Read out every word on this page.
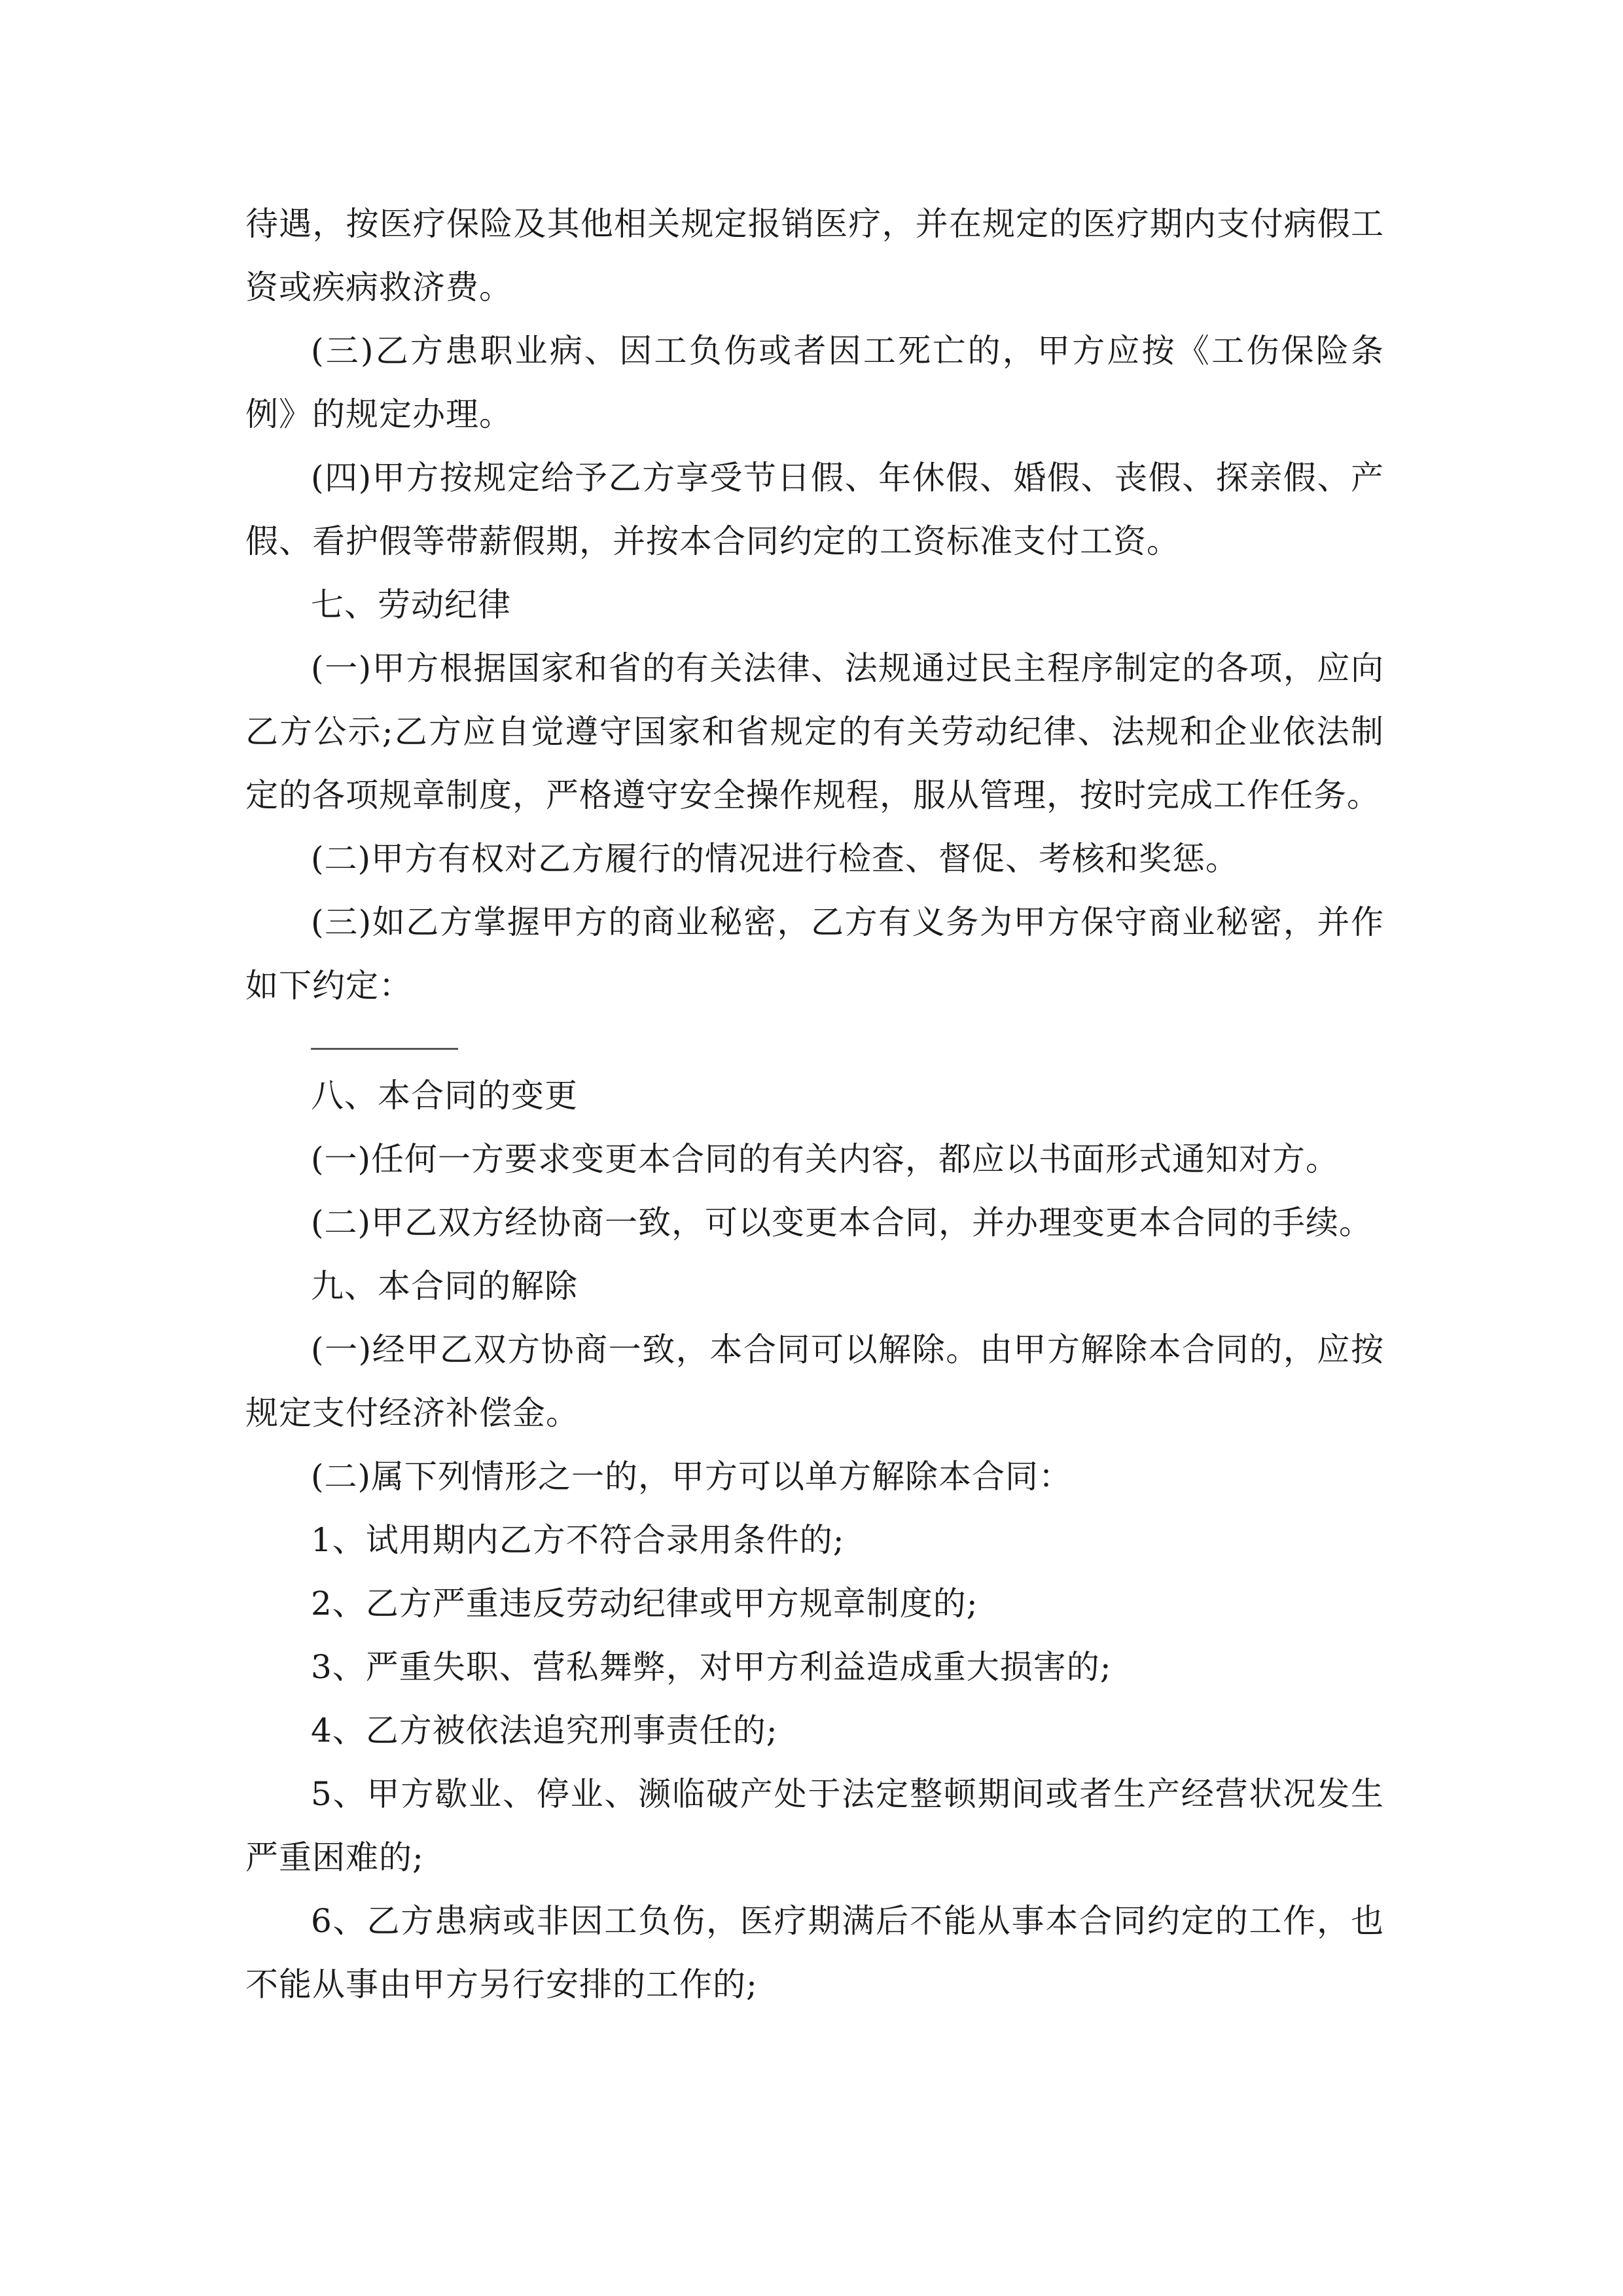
待遇，按医疗保险及其他相关规定报销医疗，并在规定的医疗期内支付病假工资或疾病救济费。

(三)乙方患职业病、因工负伤或者因工死亡的，甲方应按《工伤保险条例》的规定办理。

(四)甲方按规定给予乙方享受节日假、年休假、婚假、丧假、探亲假、产假、看护假等带薪假期，并按本合同约定的工资标准支付工资。

七、劳动纪律

(一)甲方根据国家和省的有关法律、法规通过民主程序制定的各项，应向乙方公示;乙方应自觉遵守国家和省规定的有关劳动纪律、法规和企业依法制定的各项规章制度，严格遵守安全操作规程，服从管理，按时完成工作任务。

(二)甲方有权对乙方履行的情况进行检查、督促、考核和奖惩。

(三)如乙方掌握甲方的商业秘密，乙方有义务为甲方保守商业秘密，并作如下约定：

八、本合同的变更

(一)任何一方要求变更本合同的有关内容，都应以书面形式通知对方。

(二)甲乙双方经协商一致，可以变更本合同，并办理变更本合同的手续。

九、本合同的解除

(一)经甲乙双方协商一致，本合同可以解除。由甲方解除本合同的，应按规定支付经济补偿金。

(二)属下列情形之一的，甲方可以单方解除本合同：

1、试用期内乙方不符合录用条件的;

2、乙方严重违反劳动纪律或甲方规章制度的;

3、严重失职、营私舞弊，对甲方利益造成重大损害的;

4、乙方被依法追究刑事责任的;

5、甲方歇业、停业、濒临破产处于法定整顿期间或者生产经营状况发生严重困难的;

6、乙方患病或非因工负伤，医疗期满后不能从事本合同约定的工作，也不能从事由甲方另行安排的工作的;
